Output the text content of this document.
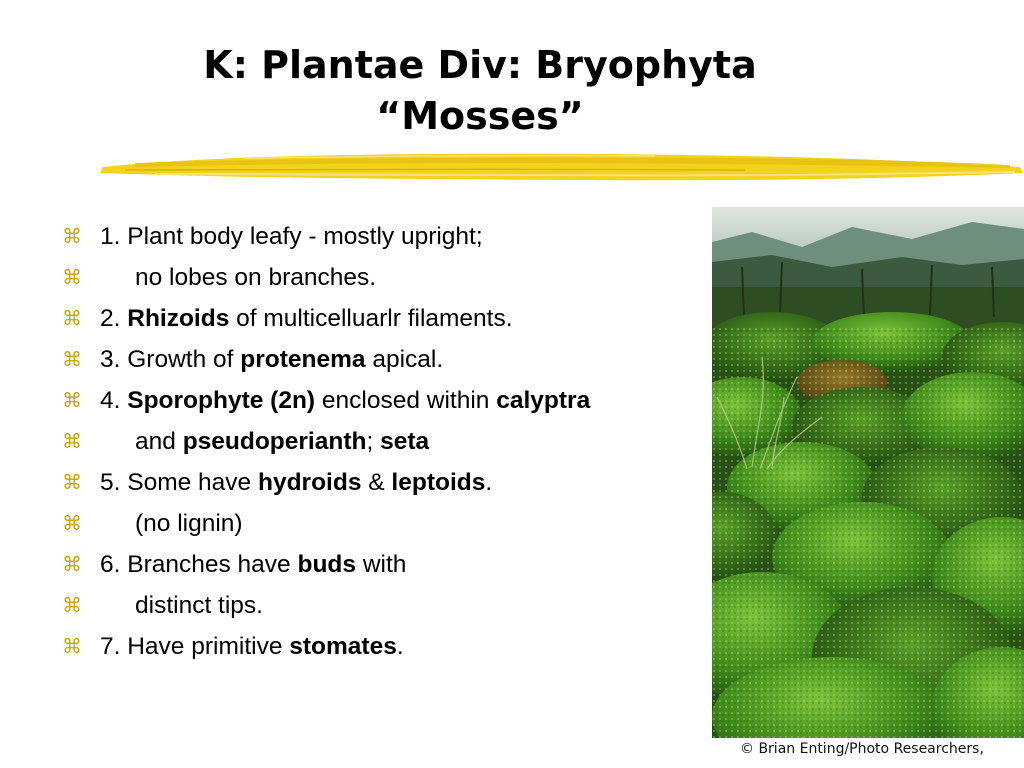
K: Plantae Div: Bryophyta
“Mosses”
⌘ 1. Plant body leafy - mostly upright;
⌘ no lobes on branches.
⌘ 2. Rhizoids of multicelluarlr filaments.
⌘ 3. Growth of protenema apical.
⌘ 4. Sporophyte (2n) enclosed within calyptra
⌘ and pseudoperianth; seta
⌘ 5. Some have hydroids & leptoids.
⌘ (no lignin)
⌘ 6. Branches have buds with
⌘ distinct tips.
⌘ 7. Have primitive stomates.
© Brian Enting/Photo Researchers,
